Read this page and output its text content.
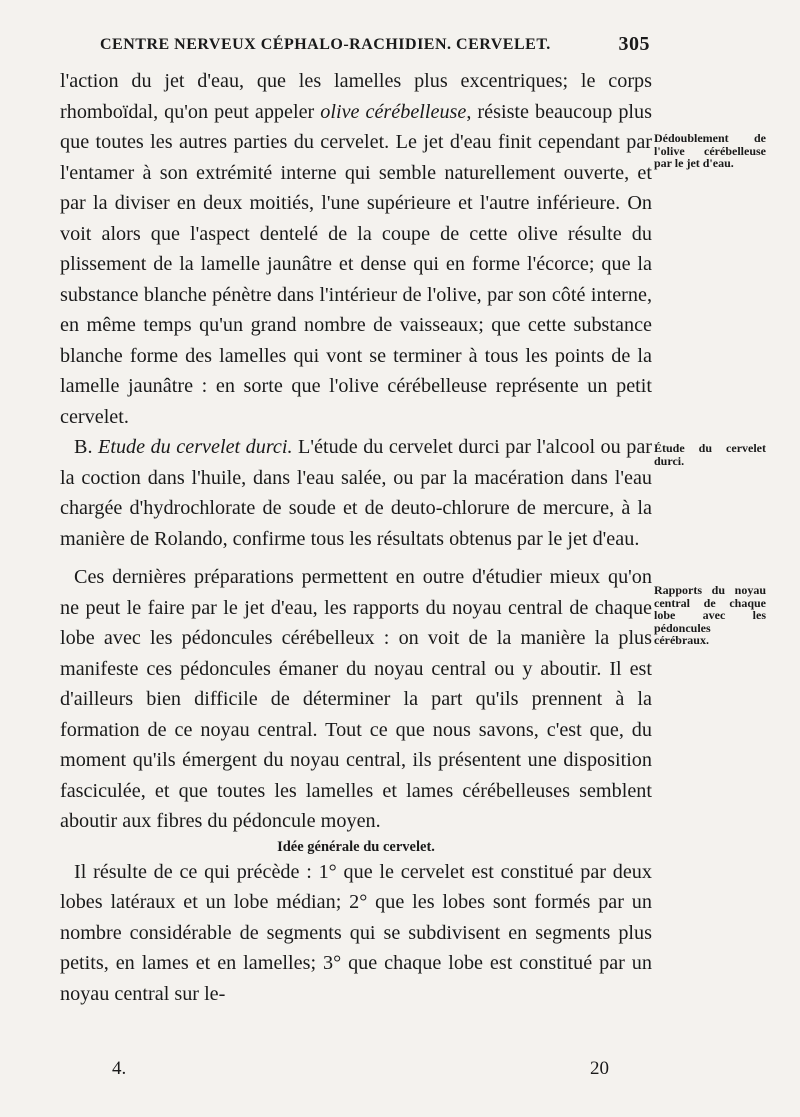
CENTRE NERVEUX CÉPHALO-RACHIDIEN. CERVELET.	305

l'action du jet d'eau, que les lamelles plus excentriques; le corps rhomboïdal, qu'on peut appeler olive cérébelleuse, résiste beaucoup plus que toutes les autres parties du cervelet. Le jet d'eau finit cependant par l'entamer à son extrémité interne qui semble naturellement ouverte, et par la diviser en deux moitiés, l'une supérieure et l'autre inférieure. On voit alors que l'aspect dentelé de la coupe de cette olive résulte du plissement de la lamelle jaunâtre et dense qui en forme l'écorce; que la substance blanche pénètre dans l'intérieur de l'olive, par son côté interne, en même temps qu'un grand nombre de vaisseaux; que cette substance blanche forme des lamelles qui vont se terminer à tous les points de la lamelle jaunâtre : en sorte que l'olive cérébelleuse représente un petit cervelet.

B. Etude du cervelet durci. L'étude du cervelet durci par l'alcool ou par la coction dans l'huile, dans l'eau salée, ou par la macération dans l'eau chargée d'hydrochlorate de soude et de deuto-chlorure de mercure, à la manière de Rolando, confirme tous les résultats obtenus par le jet d'eau.

Ces dernières préparations permettent en outre d'étudier mieux qu'on ne peut le faire par le jet d'eau, les rapports du noyau central de chaque lobe avec les pédoncules cérébelleux : on voit de la manière la plus manifeste ces pédoncules émaner du noyau central ou y aboutir. Il est d'ailleurs bien difficile de déterminer la part qu'ils prennent à la formation de ce noyau central. Tout ce que nous savons, c'est que, du moment qu'ils émergent du noyau central, ils présentent une disposition fasciculée, et que toutes les lamelles et lames cérébelleuses semblent aboutir aux fibres du pédoncule moyen.

Idée générale du cervelet.

Il résulte de ce qui précède : 1° que le cervelet est constitué par deux lobes latéraux et un lobe médian; 2° que les lobes sont formés par un nombre considérable de segments qui se subdivisent en segments plus petits, en lames et en lamelles; 3° que chaque lobe est constitué par un noyau central sur le-

Dédoublement de l'olive cérébelleuse par le jet d'eau.
Étude du cervelet durci.
Rapports du noyau central de chaque lobe avec les pédoncules cérébraux.
4.	20
